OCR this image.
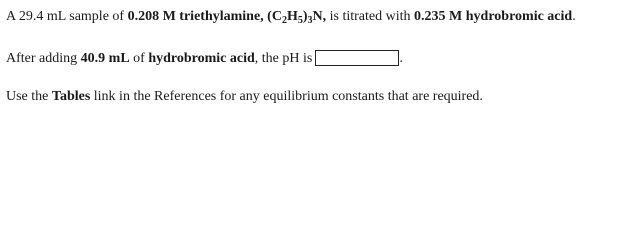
A 29.4 mL sample of 0.208 M triethylamine, $(C_2H_5)_3N$, is titrated with 0.235 M hydrobromic acid.
After adding 40.9 mL of hydrobromic acid, the pH is	.
Use the Tables link in the References for any equilibrium constants that are required.
